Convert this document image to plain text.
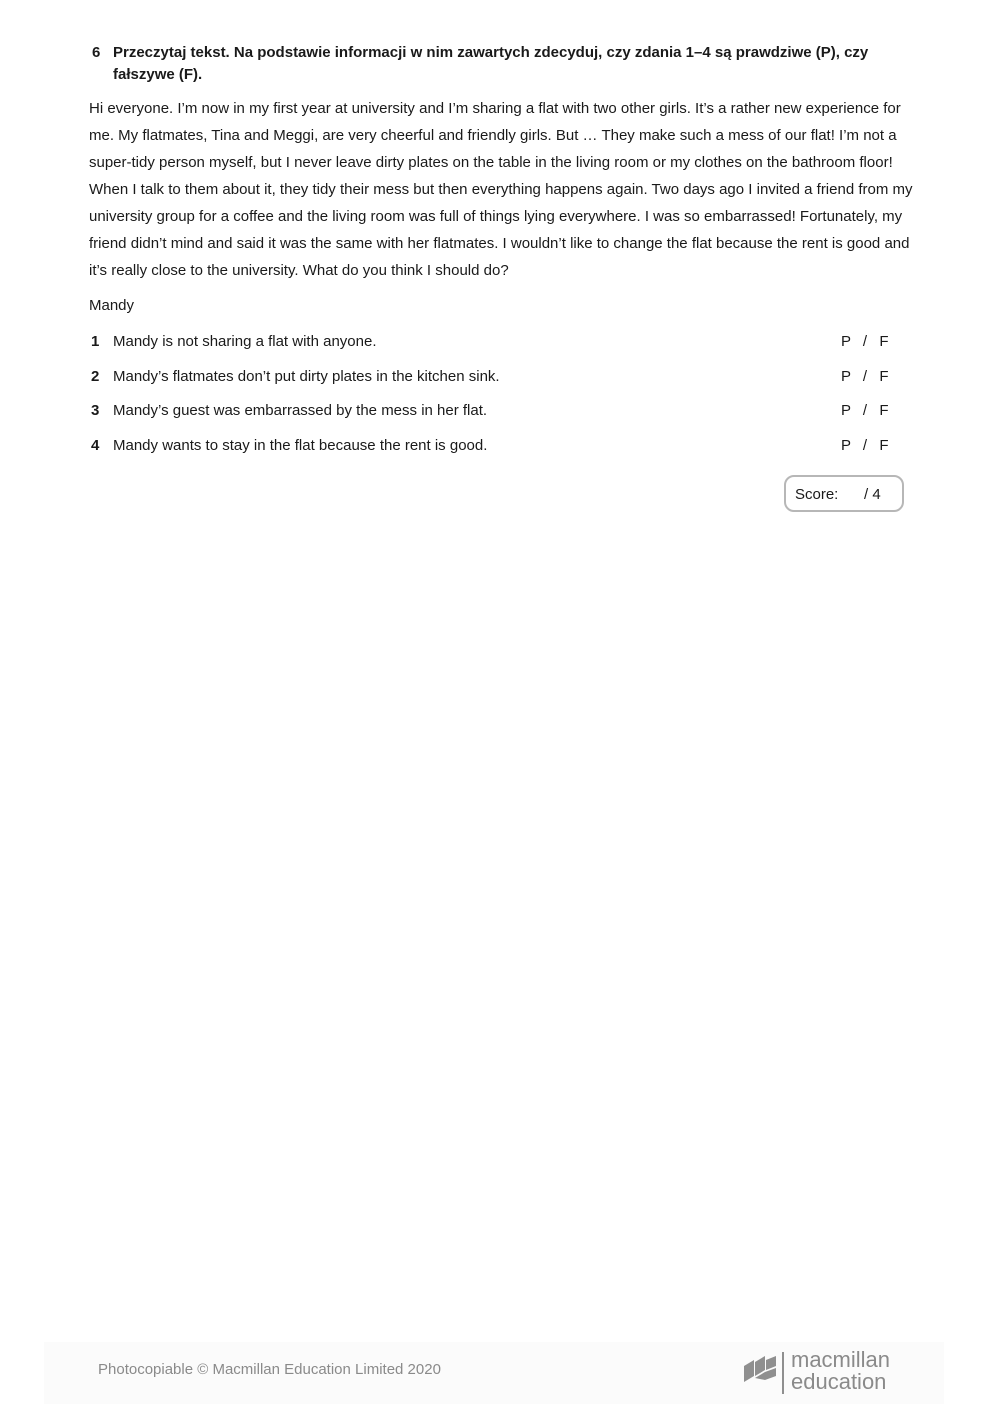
6 Przeczytaj tekst. Na podstawie informacji w nim zawartych zdecyduj, czy zdania 1–4 są prawdziwe (P), czy fałszywe (F).

Hi everyone. I’m now in my first year at university and I’m sharing a flat with two other girls. It’s a rather new experience for me. My flatmates, Tina and Meggi, are very cheerful and friendly girls. But … They make such a mess of our flat! I’m not a super-tidy person myself, but I never leave dirty plates on the table in the living room or my clothes on the bathroom floor! When I talk to them about it, they tidy their mess but then everything happens again. Two days ago I invited a friend from my university group for a coffee and the living room was full of things lying everywhere. I was so embarrassed! Fortunately, my friend didn’t mind and said it was the same with her flatmates. I wouldn’t like to change the flat because the rent is good and it’s really close to the university. What do you think I should do?

Mandy
1 Mandy is not sharing a flat with anyone.	P / F
2 Mandy’s flatmates don’t put dirty plates in the kitchen sink.	P / F
3 Mandy’s guest was embarrassed by the mess in her flat.	P / F
4 Mandy wants to stay in the flat because the rent is good.	P / F
Score: / 4
Photocopiable © Macmillan Education Limited 2020	macmillan
education
